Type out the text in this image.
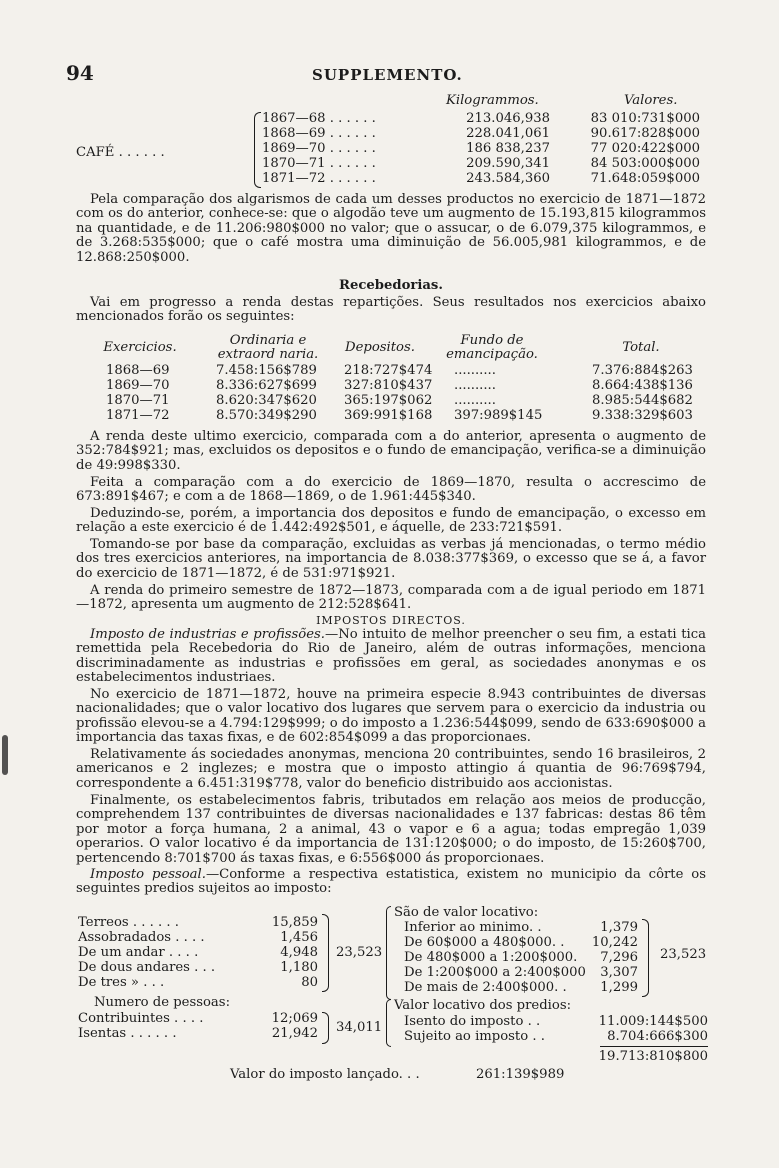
94	SUPPLEMENTO.
Kilogrammos.	Valores.
CAFÉ . . . . . .
1867—68 . . . . . .	213.046,938	83 010:731$000
1868—69 . . . . . .	228.041,061	90.617:828$000
1869—70 . . . . . .	186 838,237	77 020:422$000
1870—71 . . . . . .	209.590,341	84 503:000$000
1871—72 . . . . . .	243.584,360	71.648:059$000

Pela comparação dos algarismos de cada um desses productos no exercicio de 1871—1872 com os do anterior, conhece-se: que o algodão teve um augmento de 15.193,815 kilogrammos na quantidade, e de 11.206:980$000 no valor; que o assucar, o de 6.079,375 kilogrammos, e de 3.268:535$000; que o café mostra uma diminuição de 56.005,981 kilogrammos, e de 12.868:250$000.

Recebedorias.

Vai em progresso a renda destas repartições. Seus resultados nos exercicios abaixo mencionados forão os seguintes:

Exercicios.	Ordinaria e extraord naria.	Depositos.	Fundo de emancipação.	Total.
1868—69	7.458:156$789 218:727$474 ..........	7.376:884$263
1869—70	8.336:627$699 327:810$437 ..........	8.664:438$136
1870—71	8.620:347$620 365:197$062 ..........	8.985:544$682
1871—72	8.570:349$290 369:991$168 397:989$145	9.338:329$603

A renda deste ultimo exercicio, comparada com a do anterior, apresenta o augmento de 352:784$921; mas, excluidos os depositos e o fundo de emancipação, verifica-se a diminuição de 49:998$330.

Feita a comparação com a do exercicio de 1869—1870, resulta o accrescimo de 673:891$467; e com a de 1868—1869, o de 1.961:445$340.

Deduzindo-se, porém, a importancia dos depositos e fundo de emancipação, o excesso em relação a este exercicio é de 1.442:492$501, e áquelle, de 233:721$591.

Tomando-se por base da comparação, excluidas as verbas já mencionadas, o termo médio dos tres exercicios anteriores, na importancia de 8.038:377$369, o excesso que se á, a favor do exercicio de 1871—1872, é de 531:971$921.

A renda do primeiro semestre de 1872—1873, comparada com a de igual periodo em 1871—1872, apresenta um augmento de 212:528$641.

IMPOSTOS DIRECTOS.

Imposto de industrias e profissões.—No intuito de melhor preencher o seu fim, a estati tica remettida pela Recebedoria do Rio de Janeiro, além de outras informações, menciona discriminadamente as industrias e profissões em geral, as sociedades anonymas e os estabelecimentos industriaes.

No exercicio de 1871—1872, houve na primeira especie 8.943 contribuintes de diversas nacionalidades; que o valor locativo dos lugares que servem para o exercicio da industria ou profissão elevou-se a 4.794:129$999; o do imposto a 1.236:544$099, sendo de 633:690$000 a importancia das taxas fixas, e de 602:854$099 a das proporcionaes.

Relativamente ás sociedades anonymas, menciona 20 contribuintes, sendo 16 brasileiros, 2 americanos e 2 inglezes; e mostra que o imposto attingio á quantia de 96:769$794, correspondente a 6.451:319$778, valor do beneficio distribuido aos accionistas.

Finalmente, os estabelecimentos fabris, tributados em relação aos meios de producção, comprehendem 137 contribuintes de diversas nacionalidades e 137 fabricas: destas 86 têm por motor a força humana, 2 a animal, 43 o vapor e 6 a agua; todas empregão 1,039 operarios. O valor locativo é da importancia de 131:120$000; o do imposto, de 15:260$700, pertencendo 8:701$700 ás taxas fixas, e 6:556$000 ás proporcionaes.

Imposto pessoal.—Conforme a respectiva estatistica, existem no municipio da côrte os seguintes predios sujeitos ao imposto:

Terreos . . . . . .	15,859
Assobradados . . . .	1,456
De um andar . . . .	4,948
De dous andares . . .	1,180
De tres » . . .	80
23,523
Numero de pessoas:
Contribuintes . . . .	12;069
Isentas . . . . . .	21,942 34,011
São de valor locativo:
Inferior ao minimo. .	1,379
De 60$000 a 480$000. .	10,242
De 480$000 a 1:200$000.	7,296
De 1:200$000 a 2:400$000	3,307
De mais de 2:400$000. .	1,299
23,523
Valor locativo dos predios:
Isento do imposto . .	11.009:144$500
Sujeito ao imposto . .	8.704:666$300
19.713:810$800
Valor do imposto lançado. . .	261:139$989
